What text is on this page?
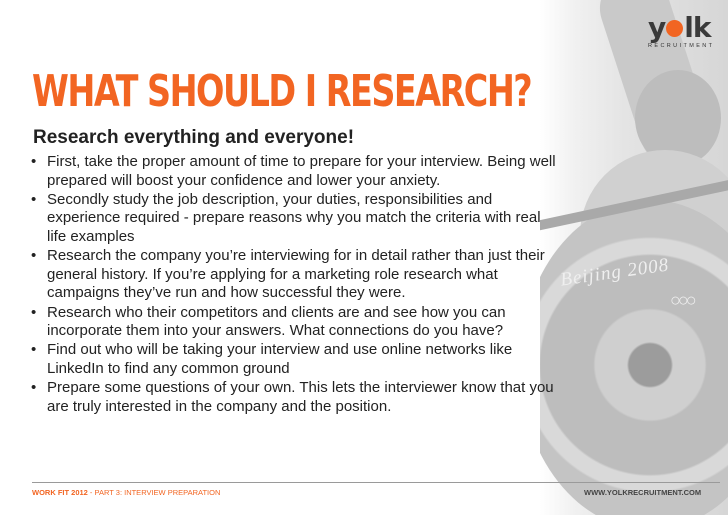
Beijing 2008
○○○
y lk
RECRUITMENT
WHAT SHOULD I RESEARCH?
Research everything and everyone!
• First, take the proper amount of time to prepare for your interview. Being well prepared will boost your confidence and lower your anxiety.
• Secondly study the job description, your duties, responsibilities and experience required - prepare reasons why you match the criteria with real life examples
• Research the company you’re interviewing for in detail rather than just their general history. If you’re applying for a marketing role research what campaigns they’ve run and how successful they were.
• Research who their competitors and clients are and see how you can incorporate them into your answers. What connections do you have?
• Find out who will be taking your interview and use online networks like LinkedIn to find any common ground
• Prepare some questions of your own. This lets the interviewer know that you are truly interested in the company and the position.
WORK FIT 2012 - PART 3: INTERVIEW PREPARATION	WWW.YOLKRECRUITMENT.COM
